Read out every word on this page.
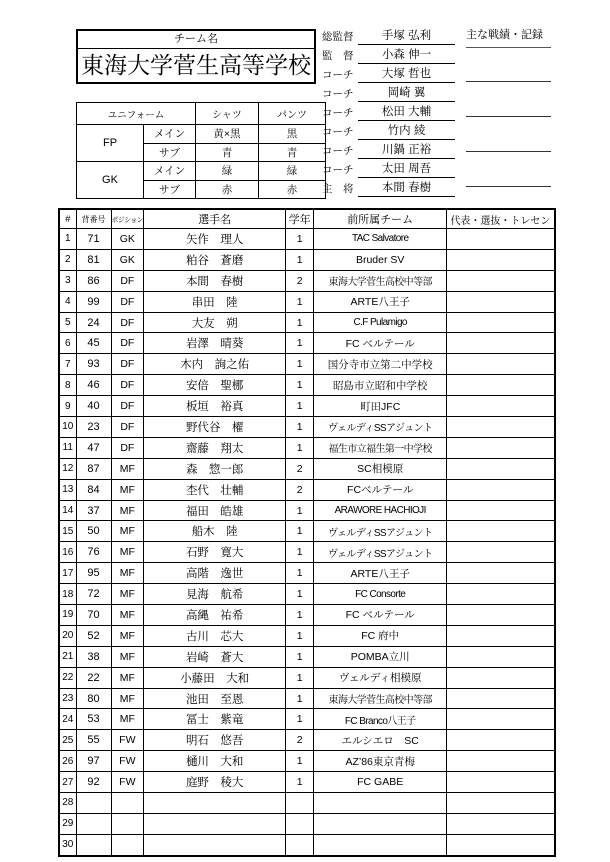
チーム名
東海大学菅生高等学校
総監督	手塚 弘利
監　督	小森 伸一
コーチ	大塚 哲也
コーチ	岡崎 翼
コーチ	松田 大輔
コーチ	竹内 綾
コーチ	川鍋 正裕
コーチ	太田 周吾
主　将	本間 春樹
主な戦績・記録
ユニフォーム		シャツ	パンツ
FP	メイン	黄×黒	黒
	サブ	青	青
GK	メイン	緑	緑
	サブ	赤	赤
#	背番号	ポジション	選手名	学年	前所属チーム	代表・選抜・トレセン
1	71	GK	矢作　理人	1	TAC Salvatore	
2	81	GK	粕谷　蒼磨	1	Bruder SV	
3	86	DF	本間　春樹	2	東海大学菅生高校中等部	
4	99	DF	串田　陸	1	ARTE八王子	
5	24	DF	大友　朔	1	C.F Pulamigo	
6	45	DF	岩澤　晴葵	1	FC ベルテール	
7	93	DF	木内　詢之佑	1	国分寺市立第二中学校	
8	46	DF	安倍　聖梛	1	昭島市立昭和中学校	
9	40	DF	板垣　裕真	1	町田JFC	
10	23	DF	野代谷　櫂	1	ヴェルディSSアジュント	
11	47	DF	齋藤　翔太	1	福生市立福生第一中学校	
12	87	MF	森　惣一郎	2	SC相模原	
13	84	MF	杢代　壮輔	2	FCベルテール	
14	37	MF	福田　皓雄	1	ARAWORE HACHIOJI	
15	50	MF	船木　陸	1	ヴェルディSSアジュント	
16	76	MF	石野　寛大	1	ヴェルディSSアジュント	
17	95	MF	高階　逸世	1	ARTE八王子	
18	72	MF	見海　航希	1	FC Consorte	
19	70	MF	高縄　祐希	1	FC ベルテール	
20	52	MF	古川　芯大	1	FC 府中	
21	38	MF	岩崎　蒼大	1	POMBA立川	
22	22	MF	小藤田　大和	1	ヴェルディ相模原	
23	80	MF	池田　至恩	1	東海大学菅生高校中等部	
24	53	MF	冨士　紫竜	1	FC Branco八王子	
25	55	FW	明石　悠吾	2	エルシエロ　SC	
26	97	FW	樋川　大和	1	AZ’86東京青梅	
27	92	FW	庭野　稜大	1	FC GABE	
28						
29						
30						
